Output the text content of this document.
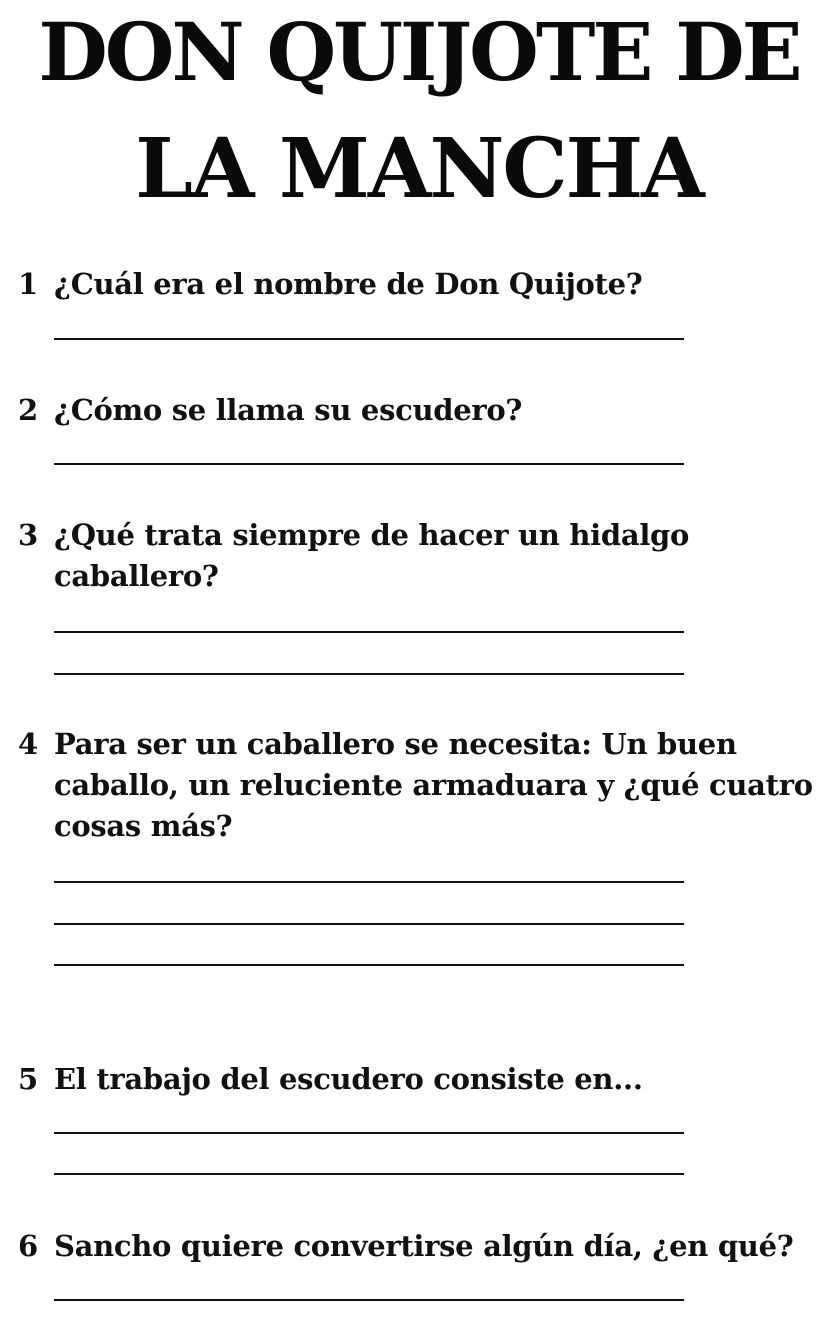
DON QUIJOTE DE
LA MANCHA
1 ¿Cuál era el nombre de Don Quijote?
2 ¿Cómo se llama su escudero?
3 ¿Qué trata siempre de hacer un hidalgo
caballero?
4 Para ser un caballero se necesita: Un buen
caballo, un reluciente armaduara y ¿qué cuatro
cosas más?
5 El trabajo del escudero consiste en...
6 Sancho quiere convertirse algún día, ¿en qué?
